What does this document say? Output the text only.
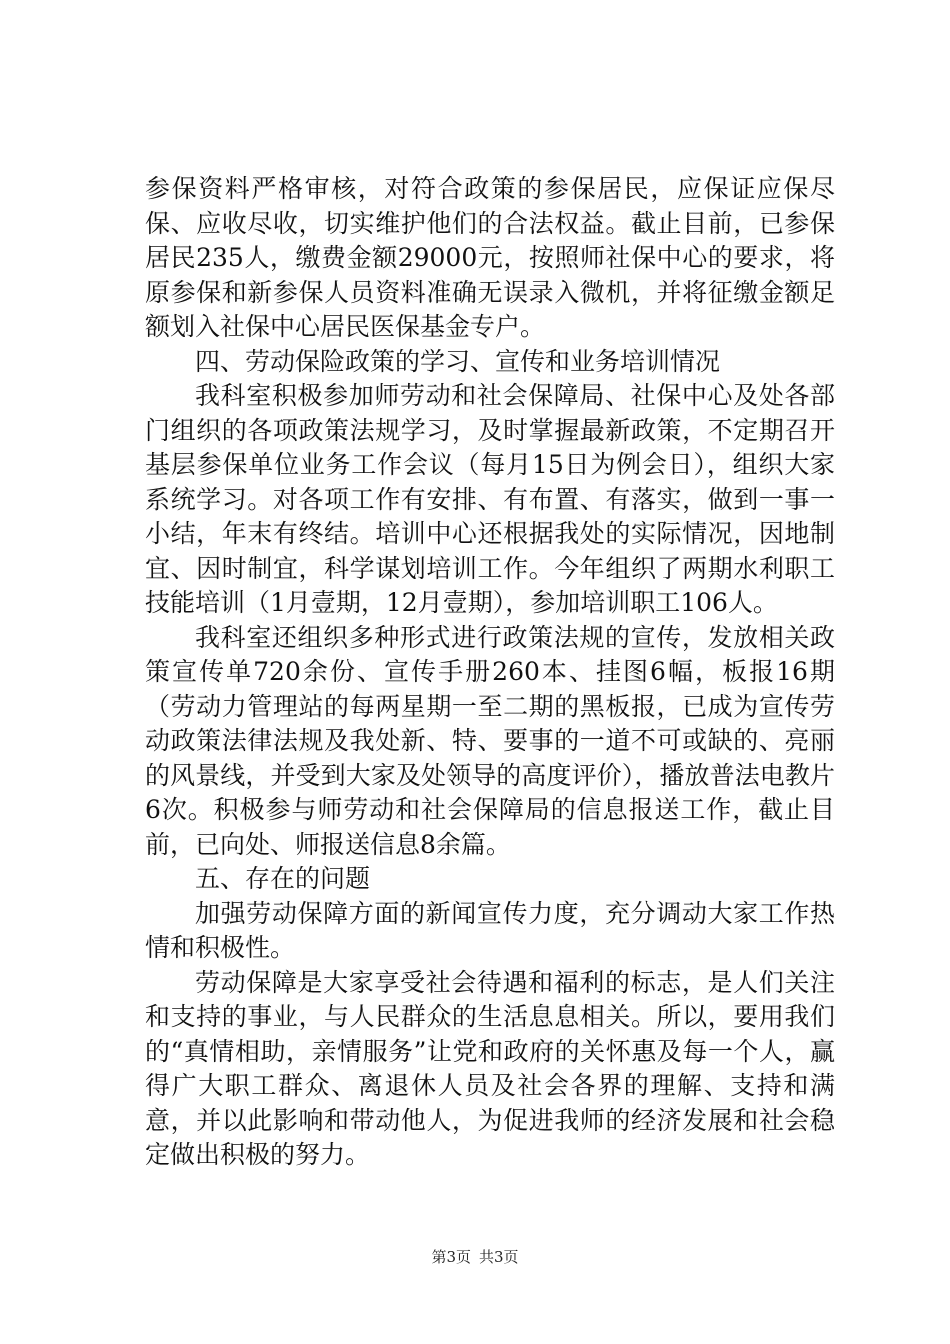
参保资料严格审核，对符合政策的参保居民，应保证应保尽保、应收尽收，切实维护他们的合法权益。截止目前，已参保居民235人，缴费金额29000元，按照师社保中心的要求，将原参保和新参保人员资料准确无误录入微机，并将征缴金额足额划入社保中心居民医保基金专户。

四、劳动保险政策的学习、宣传和业务培训情况

我科室积极参加师劳动和社会保障局、社保中心及处各部门组织的各项政策法规学习，及时掌握最新政策，不定期召开基层参保单位业务工作会议（每月15日为例会日），组织大家系统学习。对各项工作有安排、有布置、有落实，做到一事一小结，年末有终结。培训中心还根据我处的实际情况，因地制宜、因时制宜，科学谋划培训工作。今年组织了两期水利职工技能培训（1月壹期，12月壹期），参加培训职工106人。

我科室还组织多种形式进行政策法规的宣传，发放相关政策宣传单720余份、宣传手册260本、挂图6幅，板报16期（劳动力管理站的每两星期一至二期的黑板报，已成为宣传劳动政策法律法规及我处新、特、要事的一道不可或缺的、亮丽的风景线，并受到大家及处领导的高度评价），播放普法电教片6次。积极参与师劳动和社会保障局的信息报送工作，截止目前，已向处、师报送信息8余篇。

五、存在的问题

加强劳动保障方面的新闻宣传力度，充分调动大家工作热情和积极性。

劳动保障是大家享受社会待遇和福利的标志，是人们关注和支持的事业，与人民群众的生活息息相关。所以，要用我们的“真情相助，亲情服务”让党和政府的关怀惠及每一个人，赢得广大职工群众、离退休人员及社会各界的理解、支持和满意，并以此影响和带动他人，为促进我师的经济发展和社会稳定做出积极的努力。

第3页 共3页
